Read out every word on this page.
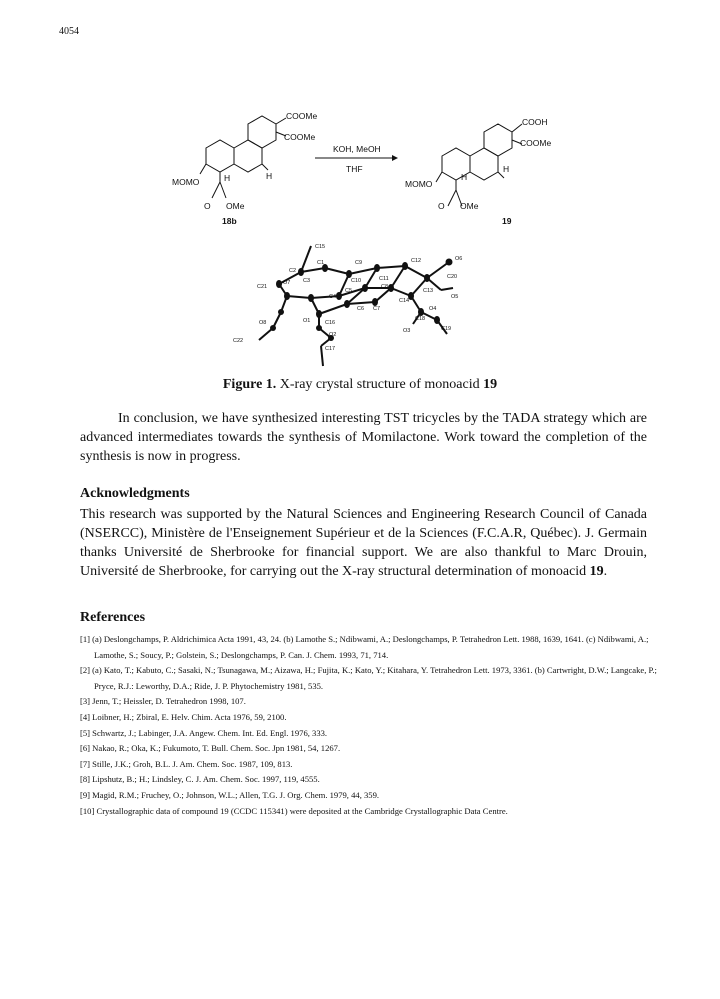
4054
COOMe
COOMe
H
H
MOMO
O OMe
18b
KOH, MeOH
THF
COOH
COOMe
H
H
MOMO
O OMe
19
C15
C1	C9	C12	O6
C2
C10	C11
C8
C20
C21
O7 C3
C5
C4
C13
C14
O5
C6 C7	O4
C18
O8	O1	C16
C19
O3
O2
C22
C17
Figure 1. X-ray crystal structure of monoacid 19

In conclusion, we have synthesized interesting TST tricycles by the TADA strategy which are advanced intermediates towards the synthesis of Momilactone. Work toward the completion of the synthesis is now in progress.

Acknowledgments

This research was supported by the Natural Sciences and Engineering Research Council of Canada (NSERCC), Ministère de l'Enseignement Supérieur et de la Sciences (F.C.A.R, Québec). J. Germain thanks Université de Sherbrooke for financial support. We are also thankful to Marc Drouin, Université de Sherbrooke, for carrying out the X-ray structural determination of monoacid 19.

References
[1] (a) Deslongchamps, P. Aldrichimica Acta 1991, 43, 24. (b) Lamothe S.; Ndibwami, A.; Deslongchamps, P. Tetrahedron Lett. 1988, 1639, 1641. (c) Ndibwami, A.; Lamothe, S.; Soucy, P.; Golstein, S.; Deslongchamps, P. Can. J. Chem. 1993, 71, 714.
[2] (a) Kato, T.; Kabuto, C.; Sasaki, N.; Tsunagawa, M.; Aizawa, H.; Fujita, K.; Kato, Y.; Kitahara, Y. Tetrahedron Lett. 1973, 3361. (b) Cartwright, D.W.; Langcake, P.; Pryce, R.J.: Leworthy, D.A.; Ride, J. P. Phytochemistry 1981, 535.
[3] Jenn, T.; Heissler, D. Tetrahedron 1998, 107.
[4] Loibner, H.; Zbiral, E. Helv. Chim. Acta 1976, 59, 2100.
[5] Schwartz, J.; Labinger, J.A. Angew. Chem. Int. Ed. Engl. 1976, 333.
[6] Nakao, R.; Oka, K.; Fukumoto, T. Bull. Chem. Soc. Jpn 1981, 54, 1267.
[7] Stille, J.K.; Groh, B.L. J. Am. Chem. Soc. 1987, 109, 813.
[8] Lipshutz, B.; H.; Lindsley, C. J. Am. Chem. Soc. 1997, 119, 4555.
[9] Magid, R.M.; Fruchey, O.; Johnson, W.L.; Allen, T.G. J. Org. Chem. 1979, 44, 359.
[10] Crystallographic data of compound 19 (CCDC 115341) were deposited at the Cambridge Crystallographic Data Centre.
